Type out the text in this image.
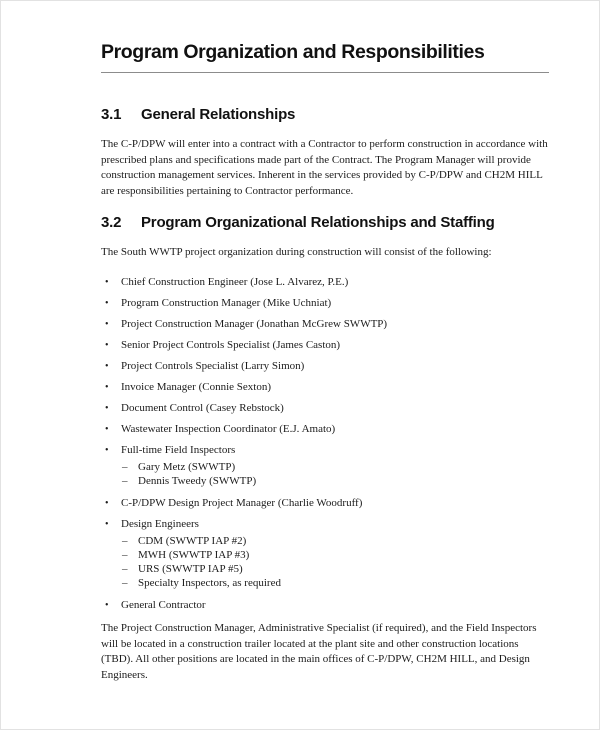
Program Organization and Responsibilities
3.1	General Relationships

The C-P/DPW will enter into a contract with a Contractor to perform construction in accordance with prescribed plans and specifications made part of the Contract. The Program Manager will provide construction management services. Inherent in the services provided by C-P/DPW and CH2M HILL are responsibilities pertaining to Contractor performance.

3.2	Program Organizational Relationships and Staffing

The South WWTP project organization during construction will consist of the following:

•	Chief Construction Engineer (Jose L. Alvarez, P.E.)
•	Program Construction Manager (Mike Uchniat)
•	Project Construction Manager (Jonathan McGrew SWWTP)
•	Senior Project Controls Specialist (James Caston)
•	Project Controls Specialist (Larry Simon)
•	Invoice Manager (Connie Sexton)
•	Document Control (Casey Rebstock)
•	Wastewater Inspection Coordinator (E.J. Amato)
•	Full-time Field Inspectors
– Gary Metz (SWWTP)
– Dennis Tweedy (SWWTP)
•	C-P/DPW Design Project Manager (Charlie Woodruff)
•	Design Engineers
– CDM (SWWTP IAP #2)
– MWH (SWWTP IAP #3)
– URS (SWWTP IAP #5)
– Specialty Inspectors, as required
•	General Contractor

The Project Construction Manager, Administrative Specialist (if required), and the Field Inspectors will be located in a construction trailer located at the plant site and other construction locations (TBD). All other positions are located in the main offices of C-P/DPW, CH2M HILL, and Design Engineers.
